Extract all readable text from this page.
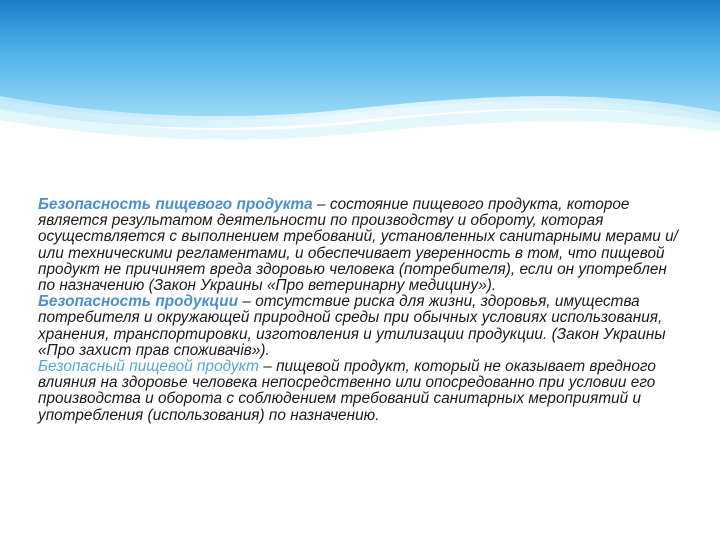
Безопасность пищевого продукта – состояние пищевого продукта, которое является результатом деятельности по производству и обороту, которая осуществляется с выполнением требований, установленных санитарными мерами и/или техническими регламентами, и обеспечивает уверенность в том, что пищевой продукт не причиняет вреда здоровью человека (потребителя), если он употреблен по назначению (Закон Украины «Про ветеринарну медицину»).

Безопасность продукции – отсутствие риска для жизни, здоровья, имущества потребителя и окружающей природной среды при обычных условиях использования, хранения, транспортировки, изготовления и утилизации продукции. (Закон Украины «Про захист прав споживачів»).

Безопасный пищевой продукт – пищевой продукт, который не оказывает вредного влияния на здоровье человека непосредственно или опосредованно при условии его производства и оборота с соблюдением требований санитарных мероприятий и употребления (использования) по назначению.
